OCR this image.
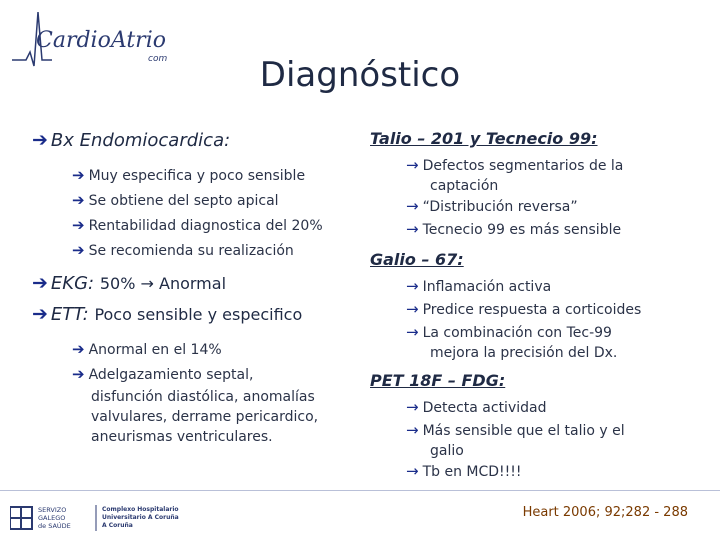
CardioAtrio
com	Diagnóstico
➔ Bx Endomiocardica:
➔ Muy especifica y poco sensible
➔ Se obtiene del septo apical
➔ Rentabilidad diagnostica del 20%
➔ Se recomienda su realización
➔ EKG: 50% → Anormal
➔ ETT: Poco sensible y especifico
➔ Anormal en el 14%
➔ Adelgazamiento septal,
disfunción diastólica, anomalías valvulares, derrame pericardico, aneurismas ventriculares.
Talio – 201 y Tecnecio 99:
→ Defectos segmentarios de la
captación
→ “Distribución reversa”
→ Tecnecio 99 es más sensible
Galio – 67:
→ Inflamación activa
→ Predice respuesta a corticoides
→ La combinación con Tec-99
mejora la precisión del Dx.
PET 18F – FDG:
→ Detecta actividad
→ Más sensible que el talio y el
galio
→ Tb en MCD!!!!
SERVIZO
GALEGO
de SAÚDE
Complexo Hospitalario
Universitario A Coruña
A Coruña
Heart 2006; 92;282 - 288
